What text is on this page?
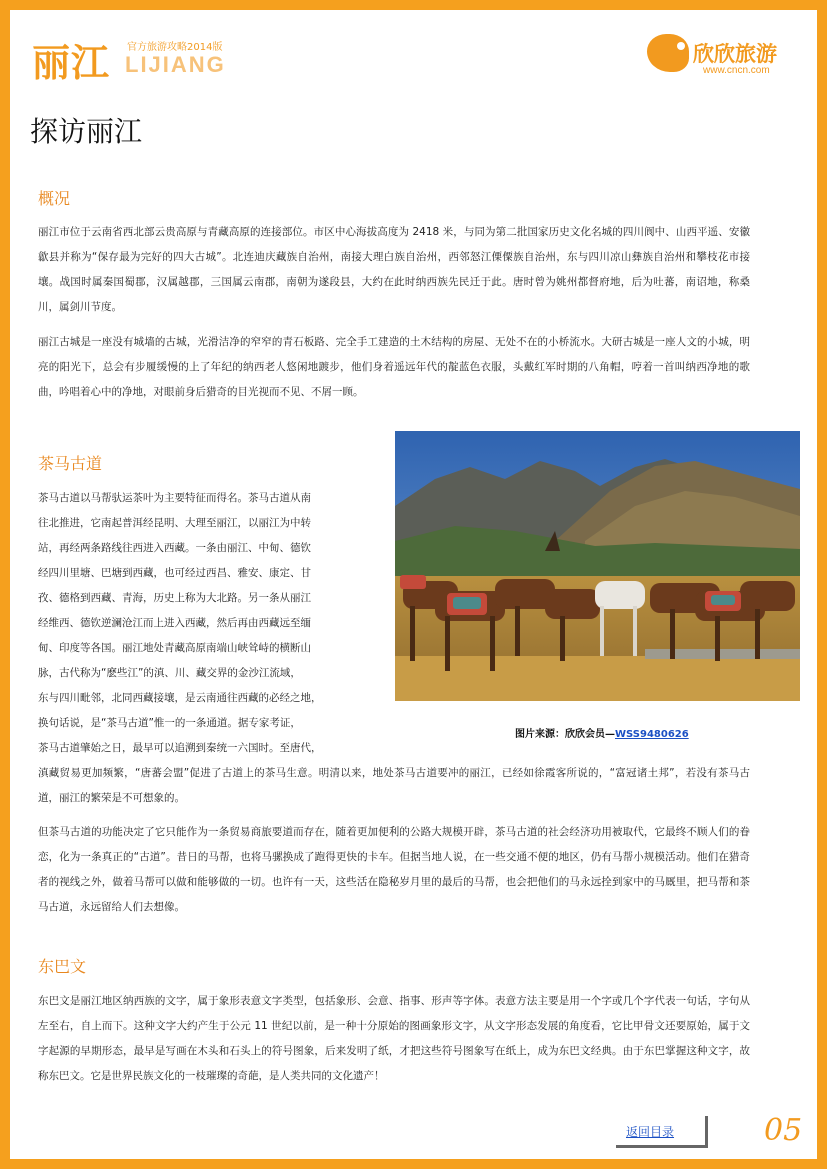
丽江 官方旅游攻略2014版
LIJIANG	欣欣旅游
www.cncn.com
探访丽江
概况

丽江市位于云南省西北部云贵高原与青藏高原的连接部位。市区中心海拔高度为 2418 米，与同为第二批国家历史文化名城的四川阆中、山西平遥、安徽歙县并称为“保存最为完好的四大古城”。北连迪庆藏族自治州，南接大理白族自治州，西邻怒江傈僳族自治州，东与四川凉山彝族自治州和攀枝花市接壤。战国时属秦国蜀郡，汉属越郡，三国属云南郡，南朝为遂段县，大约在此时纳西族先民迁于此。唐时曾为姚州都督府地，后为吐蕃，南诏地，称桑川，属剑川节度。

丽江古城是一座没有城墙的古城，光滑洁净的窄窄的青石板路、完全手工建造的土木结构的房屋、无处不在的小桥流水。大研古城是一座人文的小城，明亮的阳光下，总会有步履缓慢的上了年纪的纳西老人悠闲地踱步，他们身着遥远年代的靛蓝色衣服，头戴红军时期的八角帽，哼着一首叫纳西净地的歌曲，吟唱着心中的净地，对眼前身后猎奇的目光视而不见、不屑一顾。

茶马古道
茶马古道以马帮驮运茶叶为主要特征而得名。茶马古道从南
往北推进，它南起普洱经昆明、大理至丽江，以丽江为中转
站，再经两条路线往西进入西藏。一条由丽江、中甸、德钦
经四川里塘、巴塘到西藏，也可经过西昌、雅安、康定、甘
孜、德格到西藏、青海，历史上称为大北路。另一条从丽江
经维西、德钦逆澜沧江而上进入西藏，然后再由西藏远至缅
甸、印度等各国。丽江地处青藏高原南端山峡耸峙的横断山
脉，古代称为“麽些江”的滇、川、藏交界的金沙江流域，
东与四川毗邻，北同西藏接壤，是云南通往西藏的必经之地，
换句话说，是“茶马古道”惟一的一条通道。据专家考证，
茶马古道肇始之日，最早可以追溯到秦统一六国时。至唐代，

滇藏贸易更加频繁，“唐蕃会盟”促进了古道上的茶马生意。明清以来，地处茶马古道要冲的丽江，已经如徐霞客所说的，“富冠诸土邦”，若没有茶马古道，丽江的繁荣是不可想象的。

但茶马古道的功能决定了它只能作为一条贸易商旅要道而存在，随着更加便利的公路大规模开辟，茶马古道的社会经济功用被取代，它最终不顾人们的眷恋，化为一条真正的“古道”。昔日的马帮，也将马骡换成了跑得更快的卡车。但据当地人说，在一些交通不便的地区，仍有马帮小规模活动。他们在猎奇者的视线之外，做着马帮可以做和能够做的一切。也许有一天，这些活在隐秘岁月里的最后的马帮，也会把他们的马永远拴到家中的马厩里，把马帮和茶马古道，永远留给人们去想像。

图片来源：欣欣会员—WSS9480626
东巴文

东巴文是丽江地区纳西族的文字，属于象形表意文字类型，包括象形、会意、指事、形声等字体。表意方法主要是用一个字或几个字代表一句话，字句从左至右，自上而下。这种文字大约产生于公元 11 世纪以前，是一种十分原始的图画象形文字，从文字形态发展的角度看，它比甲骨文还要原始，属于文字起源的早期形态，最早是写画在木头和石头上的符号图象，后来发明了纸，才把这些符号图象写在纸上，成为东巴文经典。由于东巴掌握这种文字，故称东巴文。它是世界民族文化的一枝璀璨的奇葩，是人类共同的文化遗产！

返回目录	05
